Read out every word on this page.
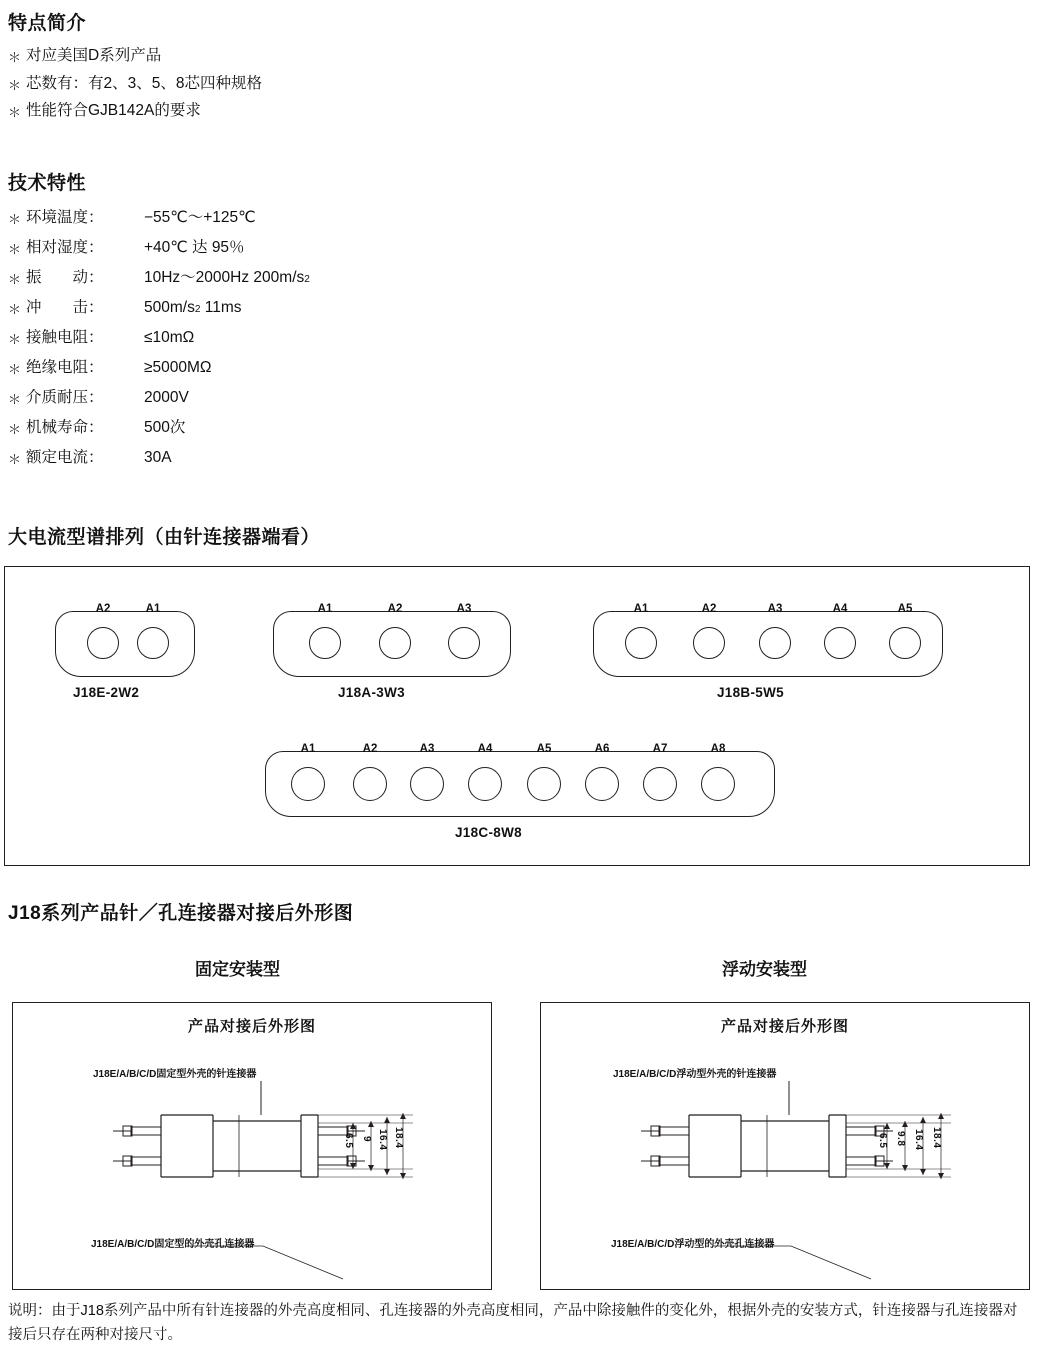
特点简介
＊ 对应美国D系列产品
＊ 芯数有：有2、3、5、8芯四种规格
＊ 性能符合GJB142A的要求
技术特性
＊ 环境温度：	−55℃～+125℃
＊ 相对湿度：	+40℃ 达 95％
＊ 振　　动：	10Hz～2000Hz 200m/s 2
＊ 冲　　击：	500m/s 2 11ms
＊ 接触电阻：	≤10mΩ
＊ 绝缘电阻：	≥5000MΩ
＊ 介质耐压：	2000V
＊ 机械寿命：	500次
＊ 额定电流：	30A
大电流型谱排列（由针连接器端看）
A2	A1
J18E-2W2
A1	A2	A3
J18A-3W3
A1	A2	A3	A4	A5
J18B-5W5
A1	A2	A3	A4	A5	A6	A7	A8
J18C-8W8
J18系列产品针／孔连接器对接后外形图
固定安装型	浮动安装型
产品对接后外形图
J18E/A/B/C/D固定型外壳的针连接器
J18E/A/B/C/D固定型的外壳孔连接器
6.5 9 16.4 18.4
产品对接后外形图
J18E/A/B/C/D浮动型外壳的针连接器
J18E/A/B/C/D浮动型的外壳孔连接器
6.5 9.8 16.4 18.4
说明：由于J18系列产品中所有针连接器的外壳高度相同、孔连接器的外壳高度相同，产品中除接触件的变化外，根据外壳的安装方式，针连接器与孔连接器对接后只存在两种对接尺寸。
